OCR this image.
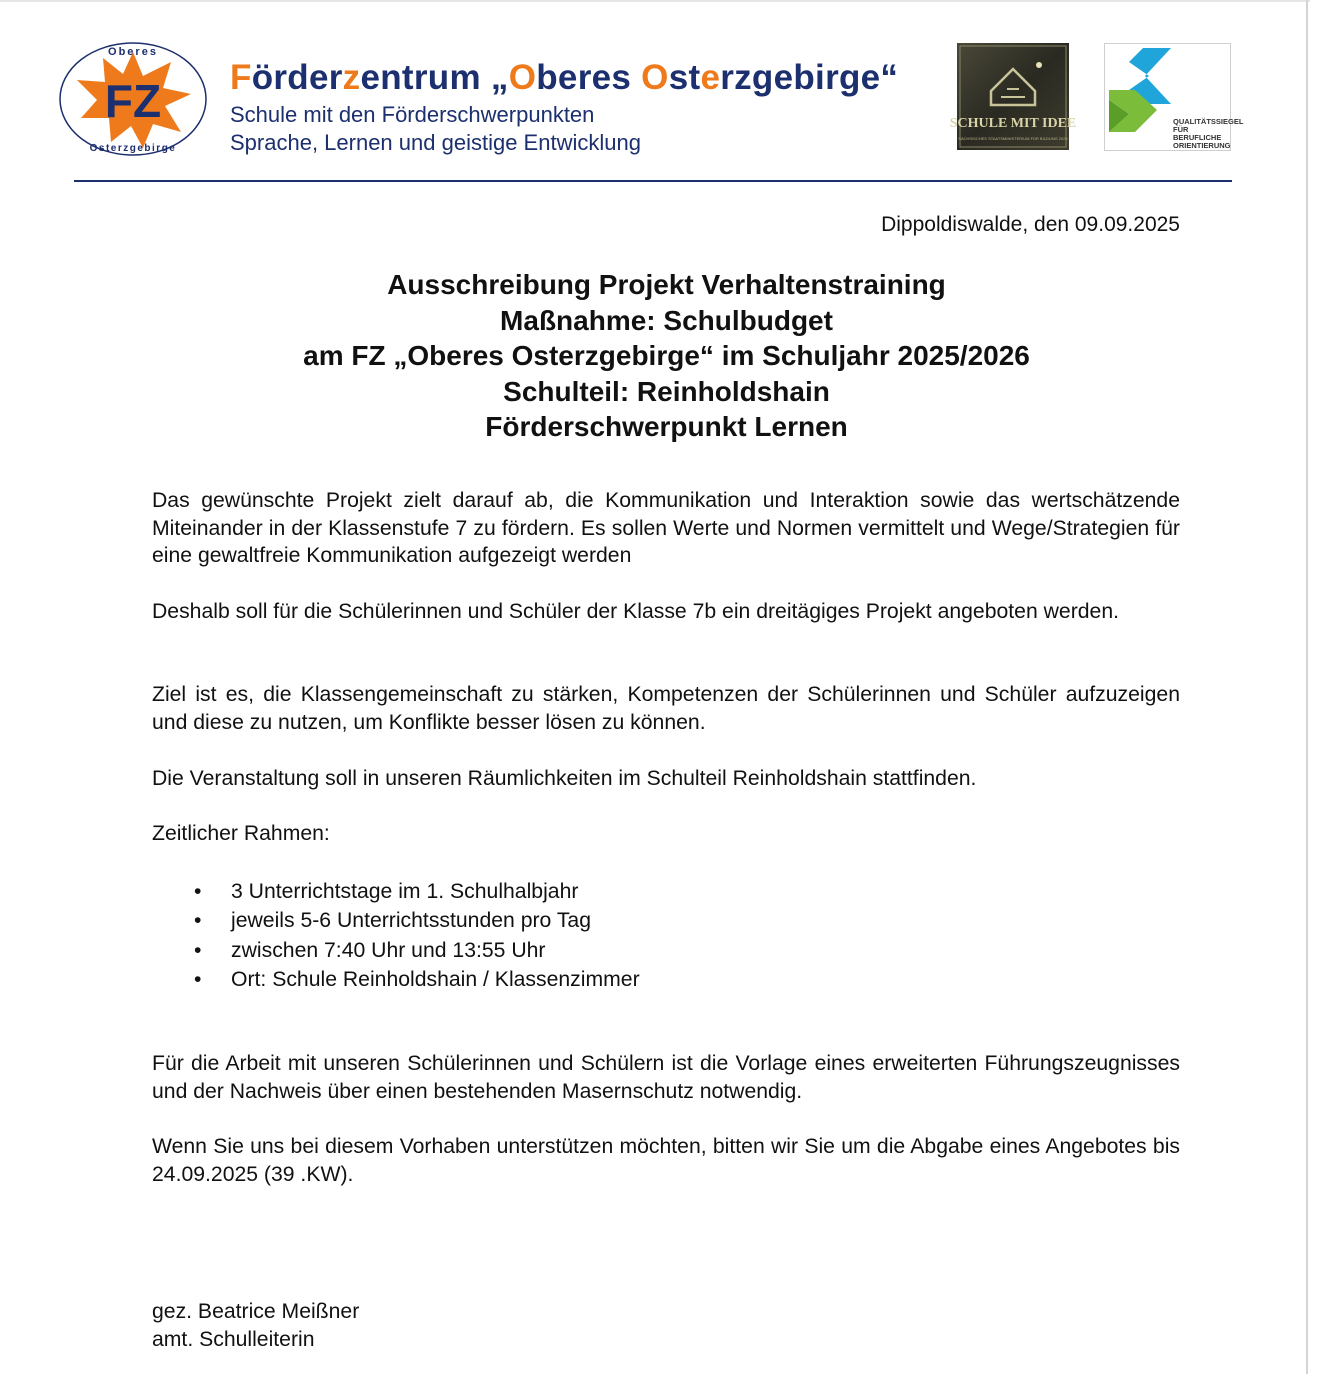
FZ
Oberes
Osterzgebirge
Förderzentrum „Oberes Osterzgebirge“
Schule mit den Förderschwerpunkten
Sprache, Lernen und geistige Entwicklung
SCHULE MIT IDEE
SÄCHSISCHES STAATSMINISTERIUM FÜR BILDUNG 2024
QUALITÄTSSIEGEL
FÜR BERUFLICHE
ORIENTIERUNG
Dippoldiswalde, den 09.09.2025
Ausschreibung Projekt Verhaltenstraining
Maßnahme: Schulbudget
am FZ „Oberes Osterzgebirge“ im Schuljahr 2025/2026
Schulteil: Reinholdshain
Förderschwerpunkt Lernen

Das gewünschte Projekt zielt darauf ab, die Kommunikation und Interaktion sowie das wertschätzende Miteinander in der Klassenstufe 7 zu fördern. Es sollen Werte und Normen vermittelt und Wege/Strategien für eine gewaltfreie Kommunikation aufgezeigt werden

Deshalb soll für die Schülerinnen und Schüler der Klasse 7b ein dreitägiges Projekt angeboten werden.

Ziel ist es, die Klassengemeinschaft zu stärken, Kompetenzen der Schülerinnen und Schüler aufzuzeigen und diese zu nutzen, um Konflikte besser lösen zu können.

Die Veranstaltung soll in unseren Räumlichkeiten im Schulteil Reinholdshain stattfinden.

Zeitlicher Rahmen:

• 3 Unterrichtstage im 1. Schulhalbjahr
• jeweils 5-6 Unterrichtsstunden pro Tag
• zwischen 7:40 Uhr und 13:55 Uhr
• Ort: Schule Reinholdshain / Klassenzimmer

Für die Arbeit mit unseren Schülerinnen und Schülern ist die Vorlage eines erweiterten Führungszeugnisses und der Nachweis über einen bestehenden Masernschutz notwendig.

Wenn Sie uns bei diesem Vorhaben unterstützen möchten, bitten wir Sie um die Abgabe eines Angebotes bis 24.09.2025 (39 .KW).

gez. Beatrice Meißner
amt. Schulleiterin
